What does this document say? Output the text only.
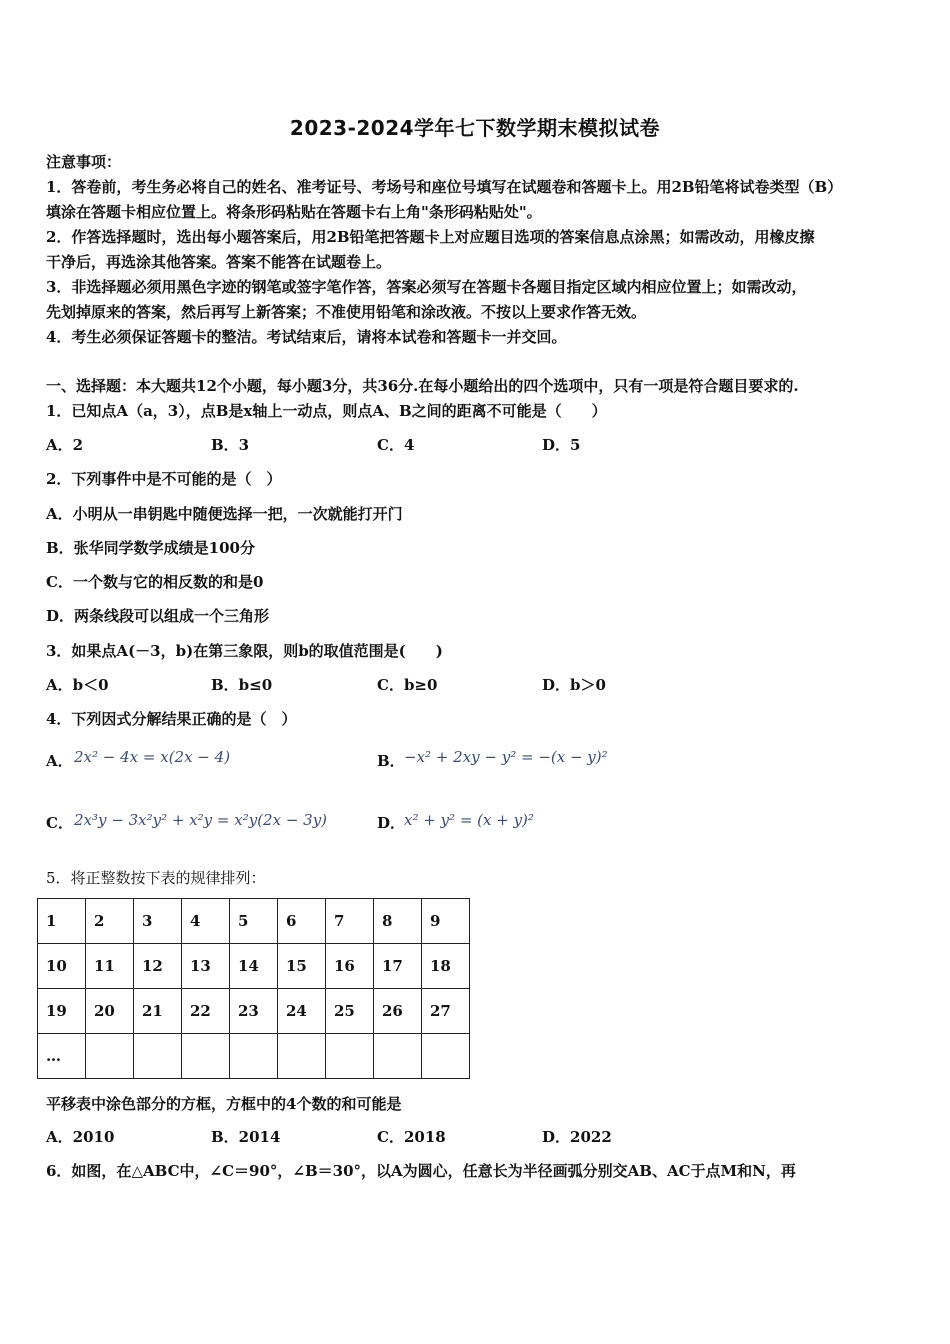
2023-2024学年七下数学期末模拟试卷
注意事项：
1．答卷前，考生务必将自己的姓名、准考证号、考场号和座位号填写在试题卷和答题卡上。用2B铅笔将试卷类型（B）
填涂在答题卡相应位置上。将条形码粘贴在答题卡右上角"条形码粘贴处"。
2．作答选择题时，选出每小题答案后，用2B铅笔把答题卡上对应题目选项的答案信息点涂黑；如需改动，用橡皮擦
干净后，再选涂其他答案。答案不能答在试题卷上。
3．非选择题必须用黑色字迹的钢笔或签字笔作答，答案必须写在答题卡各题目指定区域内相应位置上；如需改动，
先划掉原来的答案，然后再写上新答案；不准使用铅笔和涂改液。不按以上要求作答无效。
4．考生必须保证答题卡的整洁。考试结束后，请将本试卷和答题卡一并交回。
一、选择题：本大题共12个小题，每小题3分，共36分.在每小题给出的四个选项中，只有一项是符合题目要求的.
1．已知点A（a，3），点B是x轴上一动点，则点A、B之间的距离不可能是（　　）
A．2	B．3	C．4	D．5
2．下列事件中是不可能的是（　）
A．小明从一串钥匙中随便选择一把，一次就能打开门
B．张华同学数学成绩是100分
C．一个数与它的相反数的和是0
D．两条线段可以组成一个三角形
3．如果点A(－3，b)在第三象限，则b的取值范围是(　　)
A．b＜0	B．b≤0	C．b≥0	D．b＞0
4．下列因式分解结果正确的是（　）
A． 2x² − 4x = x(2x − 4)	B． −x² + 2xy − y² = −(x − y)²
C． 2x³y − 3x²y² + x²y = x²y(2x − 3y)	D．
x² + y² = (x + y)²
5．将正整数按下表的规律排列：
1	2	3	4	5	6	7	8	9
10	11	12	13	14	15	16	17	18
19	20	21	22	23	24	25	26	27
…								
平移表中涂色部分的方框，方框中的4个数的和可能是
A．2010	B．2014	C．2018	D．2022
6．如图，在△ABC中，∠C＝90°，∠B＝30°，以A为圆心，任意长为半径画弧分别交AB、AC于点M和N，再
